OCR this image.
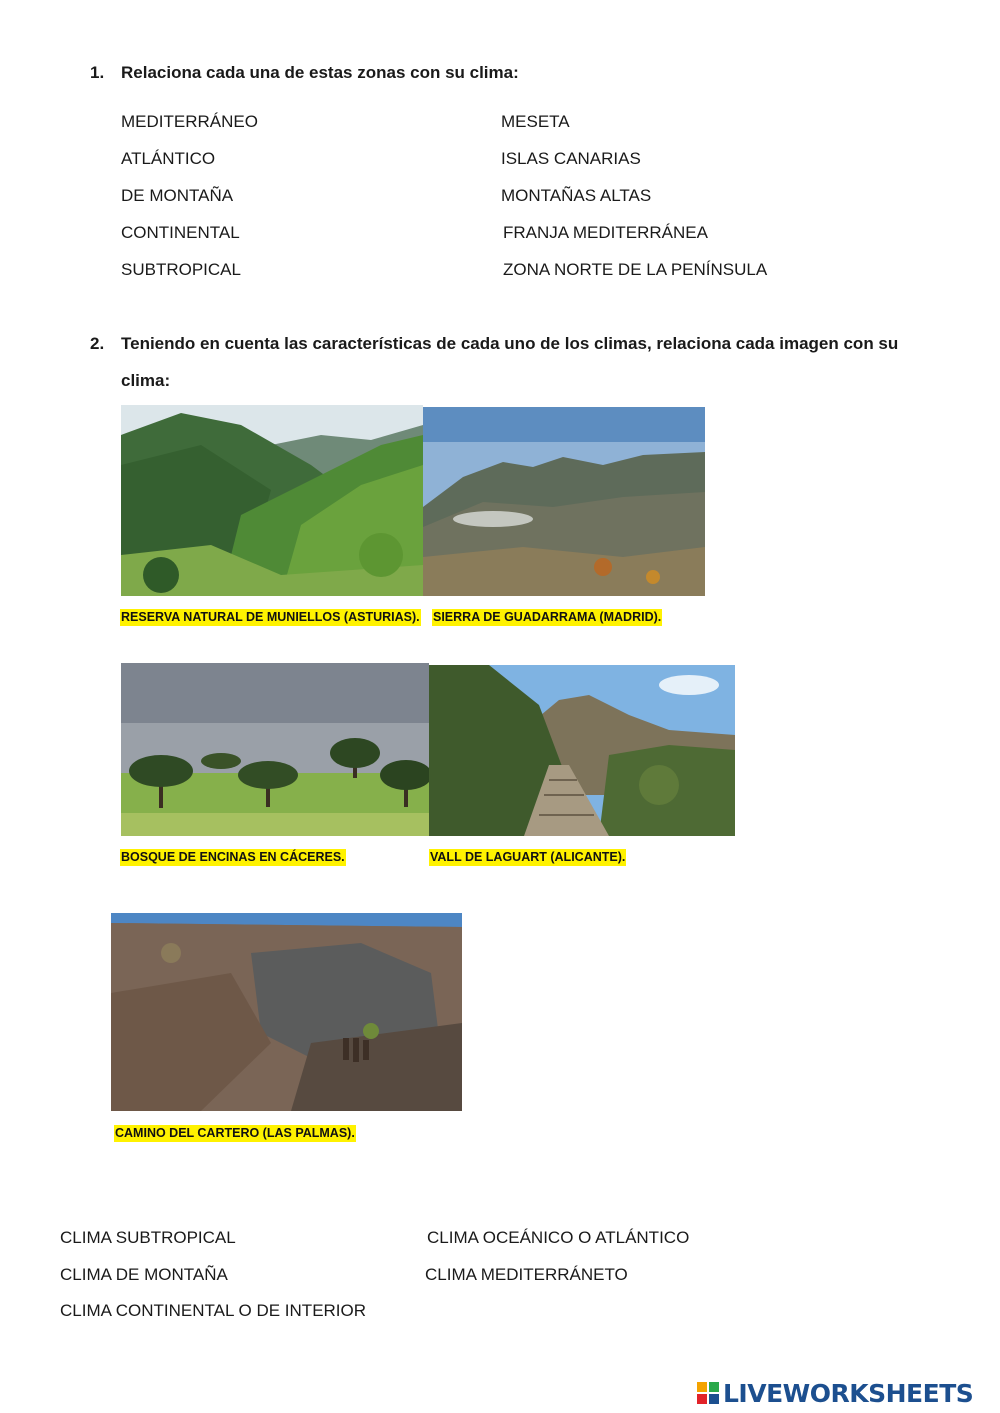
1. Relaciona cada una de estas zonas con su clima:
MEDITERRÁNEO
ATLÁNTICO
DE MONTAÑA
CONTINENTAL
SUBTROPICAL
MESETA
ISLAS CANARIAS
MONTAÑAS ALTAS
FRANJA MEDITERRÁNEA
ZONA NORTE DE LA PENÍNSULA
2. Teniendo en cuenta las características de cada uno de los climas, relaciona cada imagen con su
clima:
RESERVA NATURAL DE MUNIELLOS (ASTURIAS). SIERRA DE GUADARRAMA (MADRID).
BOSQUE DE ENCINAS EN CÁCERES.	VALL DE LAGUART (ALICANTE).
CAMINO DEL CARTERO (LAS PALMAS).
CLIMA SUBTROPICAL
CLIMA DE MONTAÑA
CLIMA CONTINENTAL O DE INTERIOR
CLIMA OCEÁNICO O ATLÁNTICO
CLIMA MEDITERRÁNETO
LIVEWORKSHEETS
